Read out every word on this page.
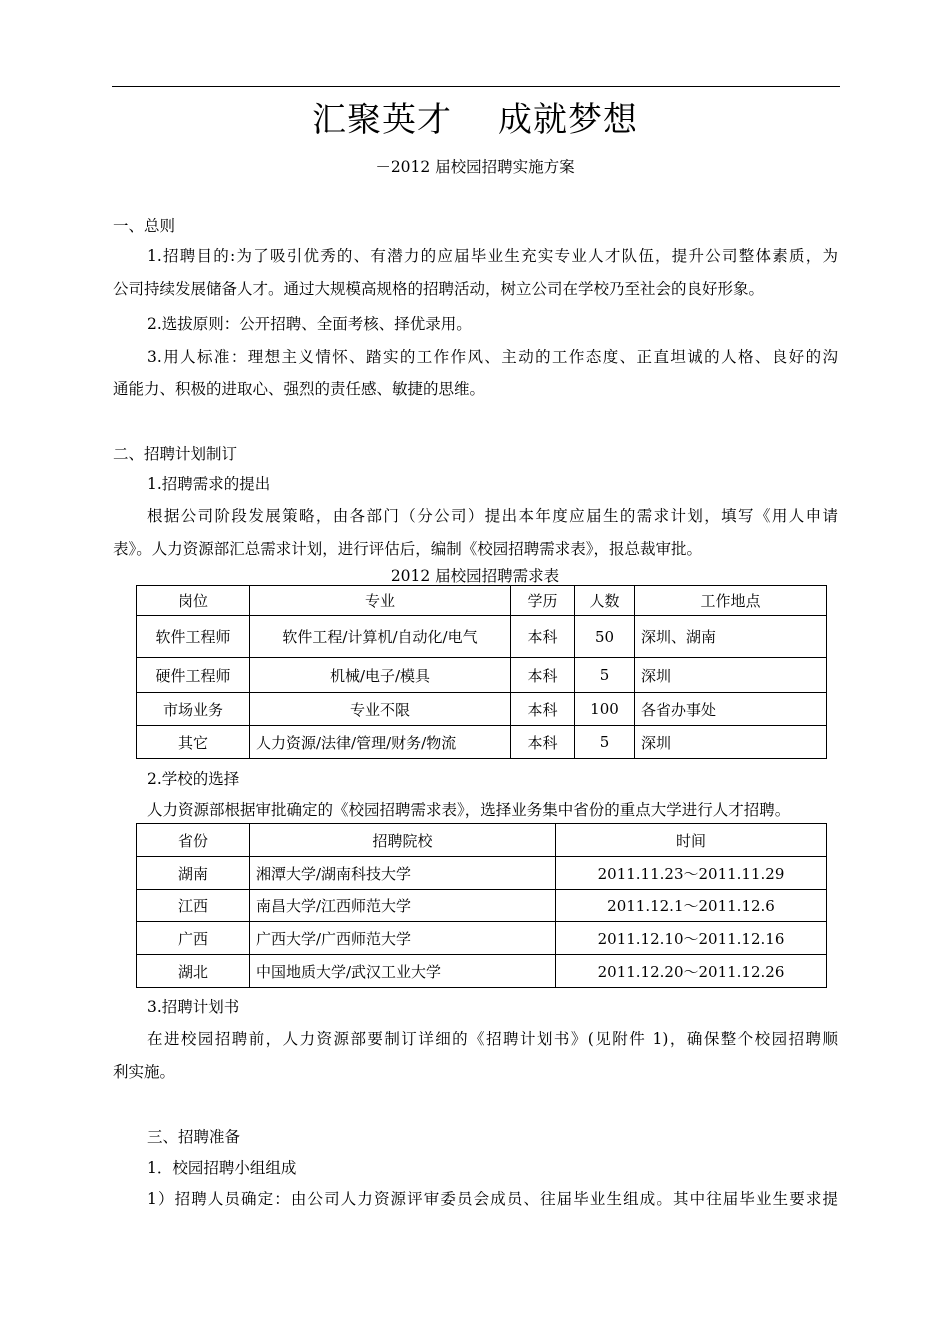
汇聚英才 成就梦想
－2012 届校园招聘实施方案
一、总则
1.招聘目的:为了吸引优秀的、有潜力的应届毕业生充实专业人才队伍，提升公司整体素质，为
公司持续发展储备人才。通过大规模高规格的招聘活动，树立公司在学校乃至社会的良好形象。
2.选拔原则：公开招聘、全面考核、择优录用。
3.用人标准：理想主义情怀、踏实的工作作风、主动的工作态度、正直坦诚的人格、良好的沟
通能力、积极的进取心、强烈的责任感、敏捷的思维。
二、招聘计划制订
1.招聘需求的提出
根据公司阶段发展策略，由各部门（分公司）提出本年度应届生的需求计划，填写《用人申请
表》。人力资源部汇总需求计划，进行评估后，编制《校园招聘需求表》，报总裁审批。
2012 届校园招聘需求表
岗位	专业	学历	人数	工作地点
软件工程师	软件工程/计算机/自动化/电气	本科	50	深圳、湖南
硬件工程师	机械/电子/模具	本科	5	深圳
市场业务	专业不限	本科	100	各省办事处
其它	人力资源/法律/管理/财务/物流	本科	5	深圳
2.学校的选择
人力资源部根据审批确定的《校园招聘需求表》，选择业务集中省份的重点大学进行人才招聘。
省份	招聘院校	时间
湖南	湘潭大学/湖南科技大学	2011.11.23～2011.11.29
江西	南昌大学/江西师范大学	2011.12.1～2011.12.6
广西	广西大学/广西师范大学	2011.12.10～2011.12.16
湖北	中国地质大学/武汉工业大学	2011.12.20～2011.12.26
3.招聘计划书
在进校园招聘前，人力资源部要制订详细的《招聘计划书》(见附件 1)，确保整个校园招聘顺
利实施。
三、招聘准备
1．校园招聘小组组成
1）招聘人员确定：由公司人力资源评审委员会成员、往届毕业生组成。其中往届毕业生要求提
